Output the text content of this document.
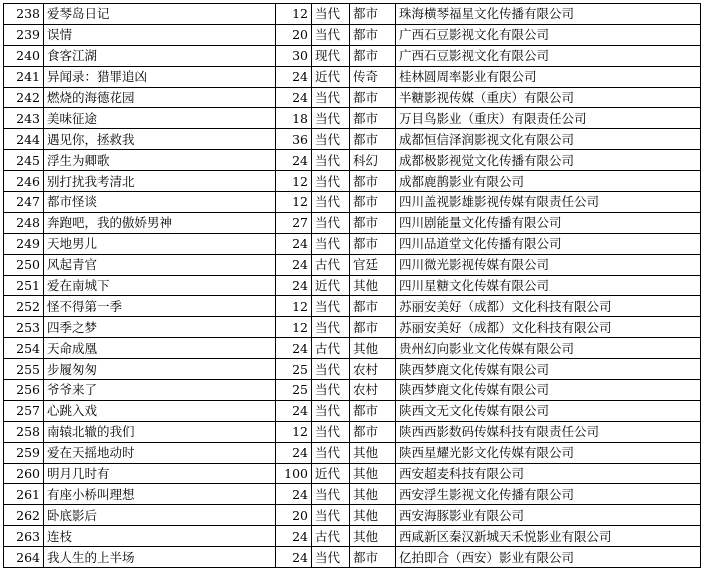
238	爱琴岛日记	12	当代	都市	珠海横琴福星文化传播有限公司
239	误情	20	当代	都市	广西石豆影视文化有限公司
240	食客江湖	30	现代	都市	广西石豆影视文化有限公司
241	异闻录：猎罪追凶	24	近代	传奇	桂林圆周率影业有限公司
242	燃烧的海德花园	24	当代	都市	半糖影视传媒（重庆）有限公司
243	美味征途	18	当代	都市	万目鸟影业（重庆）有限责任公司
244	遇见你，拯救我	36	当代	都市	成都恒信泽润影视文化有限公司
245	浮生为卿歌	24	当代	科幻	成都极影视觉文化传播有限公司
246	别打扰我考清北	12	当代	都市	成都鹿鹊影业有限公司
247	都市怪谈	12	当代	都市	四川盖视影雄影视传媒有限责任公司
248	奔跑吧，我的傲娇男神	27	当代	都市	四川剧能量文化传播有限公司
249	天地男儿	24	当代	都市	四川品道堂文化传播有限公司
250	风起青官	24	古代	官廷	四川微光影视传媒有限公司
251	爱在南城下	24	近代	其他	四川星糖文化传媒有限公司
252	怪不得第一季	12	当代	都市	苏丽安美好（成都）文化科技有限公司
253	四季之梦	12	当代	都市	苏丽安美好（成都）文化科技有限公司
254	天命成凰	24	古代	其他	贵州幻向影业文化传媒有限公司
255	步履匆匆	25	当代	农村	陕西梦鹿文化传媒有限公司
256	爷爷来了	25	当代	农村	陕西梦鹿文化传媒有限公司
257	心跳入戏	24	当代	都市	陕西文无文化传媒有限公司
258	南辕北辙的我们	12	当代	都市	陕西西影数码传媒科技有限责任公司
259	爱在天摇地动时	24	当代	其他	陕西星耀光影文化传媒有限公司
260	明月几时有	100	近代	其他	西安超麦科技有限公司
261	有座小桥叫理想	24	当代	其他	西安浮生影视文化传播有限公司
262	卧底影后	20	当代	其他	西安海豚影业有限公司
263	连枝	24	古代	其他	西咸新区秦汉新城天禾悦影业有限公司
264	我人生的上半场	24	当代	都市	亿拍即合（西安）影业有限公司
